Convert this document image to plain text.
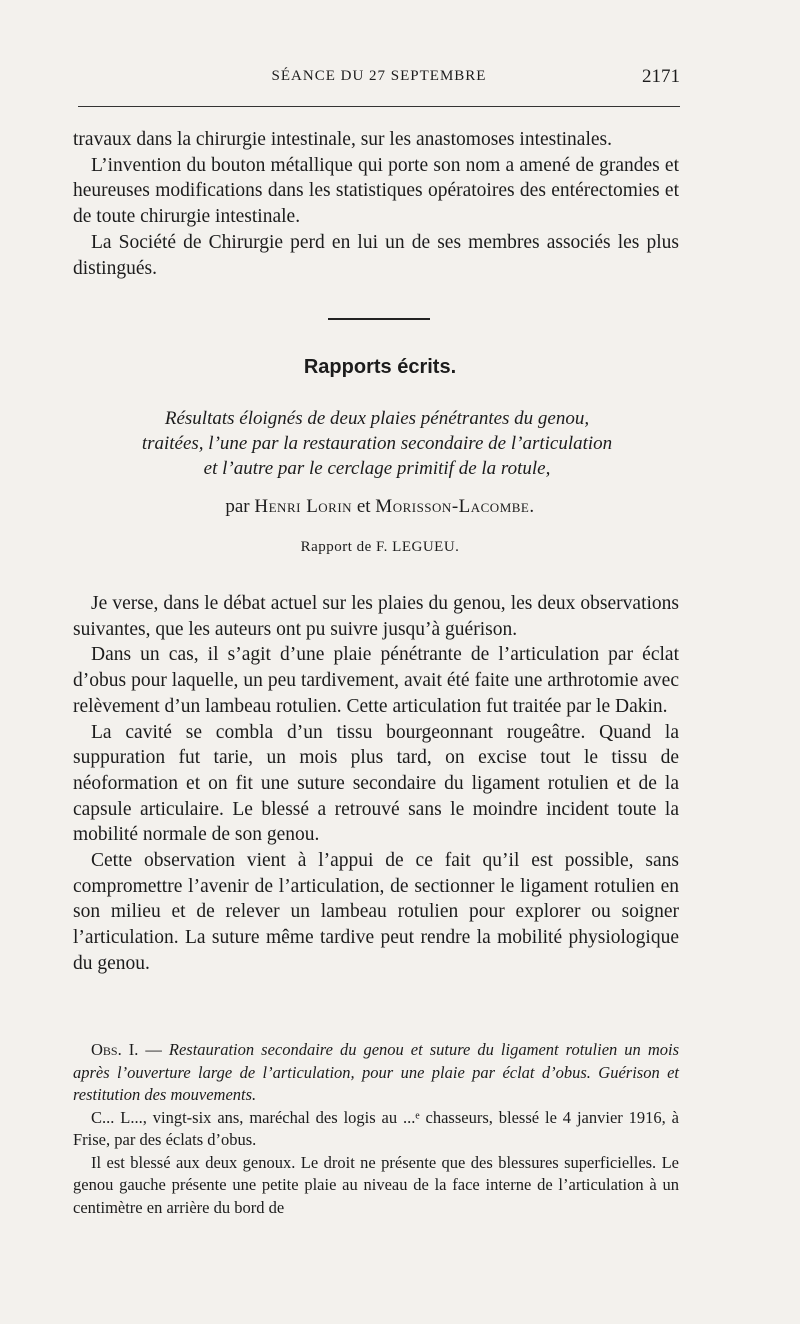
SÉANCE DU 27 SEPTEMBRE	2171

travaux dans la chirurgie intestinale, sur les anastomoses intestinales.

L’invention du bouton métallique qui porte son nom a amené de grandes et heureuses modifications dans les statistiques opératoires des entérectomies et de toute chirurgie intestinale.

La Société de Chirurgie perd en lui un de ses membres associés les plus distingués.

Rapports écrits.
Résultats éloignés de deux plaies pénétrantes du genou,
traitées, l’une par la restauration secondaire de l’articulation
et l’autre par le cerclage primitif de la rotule,
par Henri Lorin et Morisson-Lacombe.
Rapport de F. LEGUEU.

Je verse, dans le débat actuel sur les plaies du genou, les deux observations suivantes, que les auteurs ont pu suivre jusqu’à guérison.

Dans un cas, il s’agit d’une plaie pénétrante de l’articulation par éclat d’obus pour laquelle, un peu tardivement, avait été faite une arthrotomie avec relèvement d’un lambeau rotulien. Cette articulation fut traitée par le Dakin.

La cavité se combla d’un tissu bourgeonnant rougeâtre. Quand la suppuration fut tarie, un mois plus tard, on excise tout le tissu de néoformation et on fit une suture secondaire du ligament rotulien et de la capsule articulaire. Le blessé a retrouvé sans le moindre incident toute la mobilité normale de son genou.

Cette observation vient à l’appui de ce fait qu’il est possible, sans compromettre l’avenir de l’articulation, de sectionner le ligament rotulien en son milieu et de relever un lambeau rotulien pour explorer ou soigner l’articulation. La suture même tardive peut rendre la mobilité physiologique du genou.

Obs. I. — Restauration secondaire du genou et suture du ligament rotulien un mois après l’ouverture large de l’articulation, pour une plaie par éclat d’obus. Guérison et restitution des mouvements.

C... L..., vingt-six ans, maréchal des logis au ...ᵉ chasseurs, blessé le 4 janvier 1916, à Frise, par des éclats d’obus.

Il est blessé aux deux genoux. Le droit ne présente que des blessures superficielles. Le genou gauche présente une petite plaie au niveau de la face interne de l’articulation à un centimètre en arrière du bord de
